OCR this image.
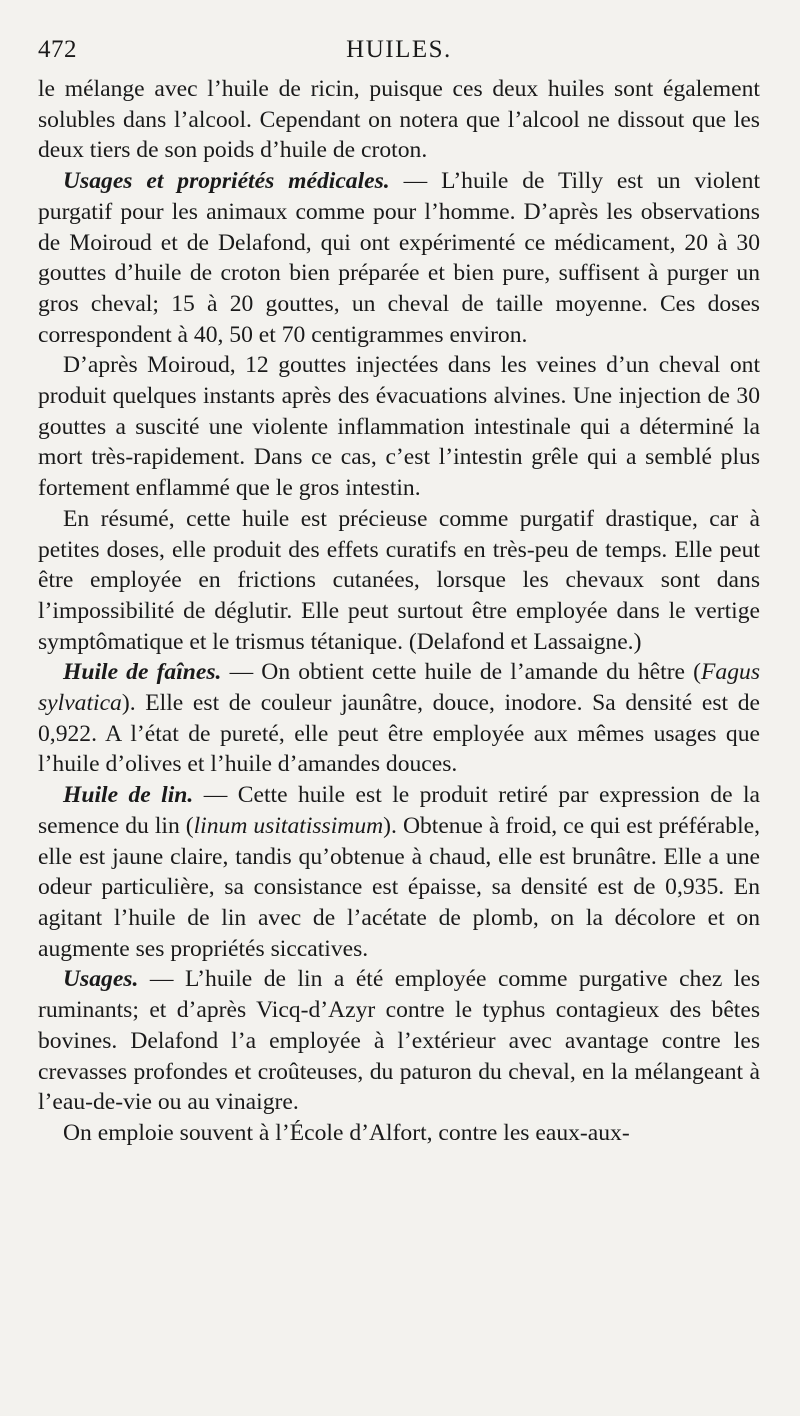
472	HUILES.

le mélange avec l’huile de ricin, puisque ces deux huiles sont également solubles dans l’alcool. Cependant on notera que l’alcool ne dissout que les deux tiers de son poids d’huile de croton.

Usages et propriétés médicales. — L’huile de Tilly est un violent purgatif pour les animaux comme pour l’homme. D’après les observations de Moiroud et de Delafond, qui ont expérimenté ce médicament, 20 à 30 gouttes d’huile de croton bien préparée et bien pure, suffisent à purger un gros cheval; 15 à 20 gouttes, un cheval de taille moyenne. Ces doses correspondent à 40, 50 et 70 centigrammes environ.

D’après Moiroud, 12 gouttes injectées dans les veines d’un cheval ont produit quelques instants après des évacuations alvines. Une injection de 30 gouttes a suscité une violente inflammation intestinale qui a déterminé la mort très-rapidement. Dans ce cas, c’est l’intestin grêle qui a semblé plus fortement enflammé que le gros intestin.

En résumé, cette huile est précieuse comme purgatif drastique, car à petites doses, elle produit des effets curatifs en très-peu de temps. Elle peut être employée en frictions cutanées, lorsque les chevaux sont dans l’impossibilité de déglutir. Elle peut surtout être employée dans le vertige symptômatique et le trismus tétanique. (Delafond et Lassaigne.)

Huile de faînes. — On obtient cette huile de l’amande du hêtre (Fagus sylvatica). Elle est de couleur jaunâtre, douce, inodore. Sa densité est de 0,922. A l’état de pureté, elle peut être employée aux mêmes usages que l’huile d’olives et l’huile d’amandes douces.

Huile de lin. — Cette huile est le produit retiré par expression de la semence du lin (linum usitatissimum). Obtenue à froid, ce qui est préférable, elle est jaune claire, tandis qu’obtenue à chaud, elle est brunâtre. Elle a une odeur particulière, sa consistance est épaisse, sa densité est de 0,935. En agitant l’huile de lin avec de l’acétate de plomb, on la décolore et on augmente ses propriétés siccatives.

Usages. — L’huile de lin a été employée comme purgative chez les ruminants; et d’après Vicq-d’Azyr contre le typhus contagieux des bêtes bovines. Delafond l’a employée à l’extérieur avec avantage contre les crevasses profondes et croûteuses, du paturon du cheval, en la mélangeant à l’eau-de-vie ou au vinaigre.

On emploie souvent à l’École d’Alfort, contre les eaux-aux-
